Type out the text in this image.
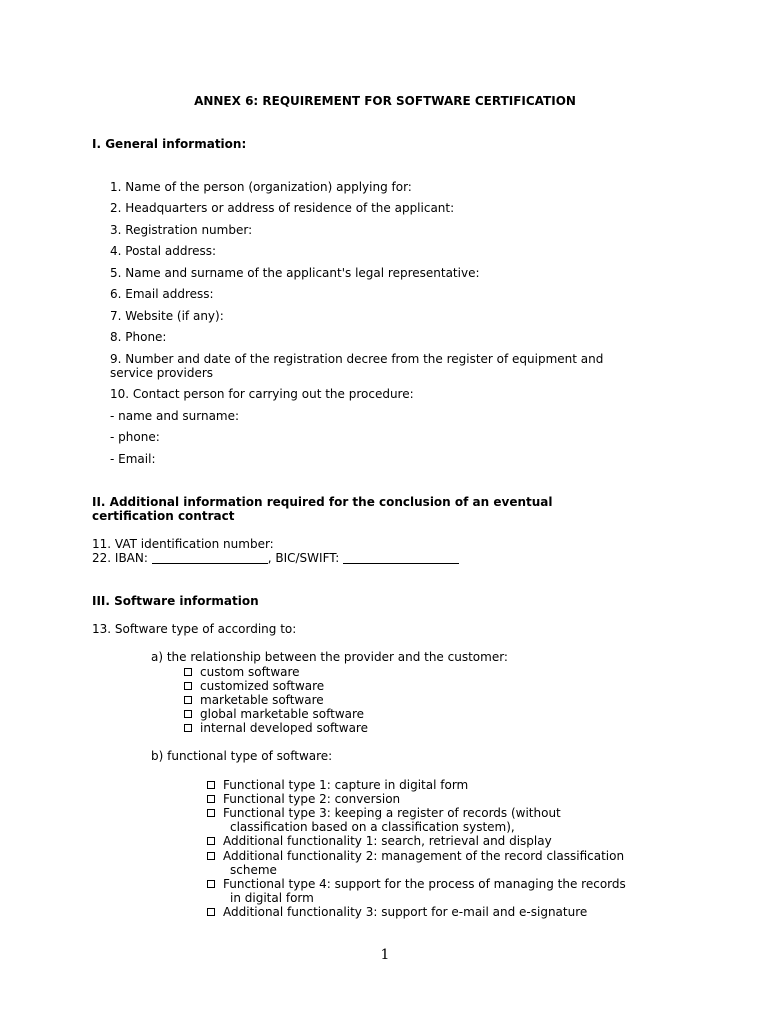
ANNEX 6: REQUIREMENT FOR SOFTWARE CERTIFICATION
I. General information:
1. Name of the person (organization) applying for:
2. Headquarters or address of residence of the applicant:
3. Registration number:
4. Postal address:
5. Name and surname of the applicant's legal representative:
6. Email address:
7. Website (if any):
8. Phone:
9. Number and date of the registration decree from the register of equipment and
service providers
10. Contact person for carrying out the procedure:
- name and surname:
- phone:
- Email:
II. Additional information required for the conclusion of an eventual
certification contract
11. VAT identification number:
22. IBAN:	, BIC/SWIFT:
III. Software information
13. Software type of according to:
a) the relationship between the provider and the customer:
custom software
customized software
marketable software
global marketable software
internal developed software
b) functional type of software:
Functional type 1: capture in digital form
Functional type 2: conversion
Functional type 3: keeping a register of records (without
classification based on a classification system),
Additional functionality 1: search, retrieval and display
Additional functionality 2: management of the record classification
scheme
Functional type 4: support for the process of managing the records
in digital form
Additional functionality 3: support for e-mail and e-signature
1
